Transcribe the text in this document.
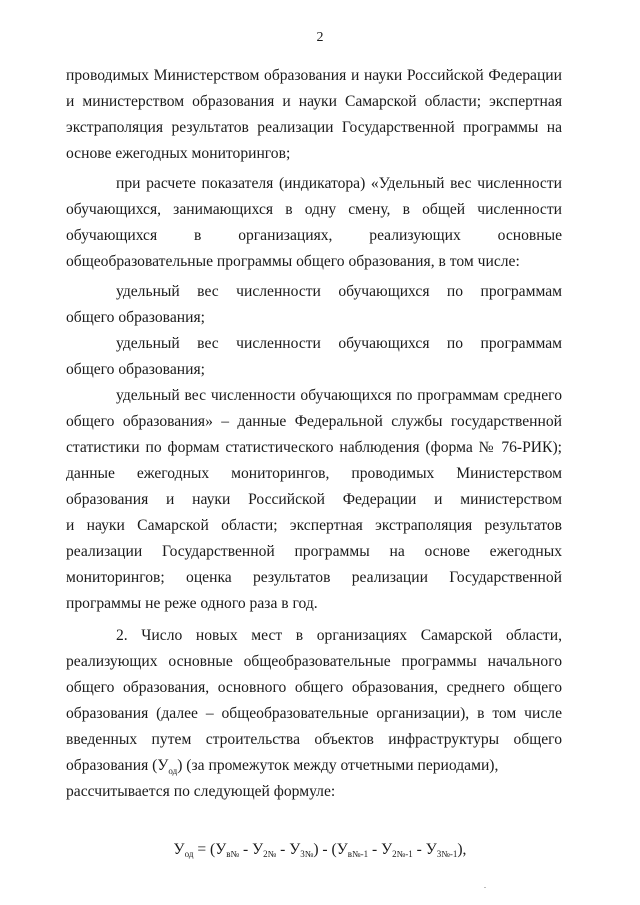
2
проводимых Министерством образования и науки Российской Федерации
и министерством образования и науки Самарской области; экспертная
экстраполяция результатов реализации Государственной программы на
основе ежегодных мониторингов;
при расчете показателя (индикатора) «Удельный вес численности
обучающихся, занимающихся в одну смену, в общей численности
обучающихся в организациях, реализующих основные
общеобразовательные программы общего образования, в том числе:
удельный вес численности обучающихся по программам
общего образования;
удельный вес численности обучающихся по программам
общего образования;
удельный вес численности обучающихся по программам среднего
общего образования» – данные Федеральной службы государственной
статистики по формам статистического наблюдения (форма № 76-РИК);
данные ежегодных мониторингов, проводимых Министерством
образования и науки Российской Федерации и министерством
и науки Самарской области; экспертная экстраполяция результатов
реализации Государственной программы на основе ежегодных
мониторингов; оценка результатов реализации Государственной
программы не реже одного раза в год.
2. Число новых мест в организациях Самарской области,
реализующих основные общеобразовательные программы начального
общего образования, основного общего образования, среднего общего
образования (далее – общеобразовательные организации), в том числе
введенных путем строительства объектов инфраструктуры общего
образования $(У_{од})$ (за промежуток между отчетными периодами),
рассчитывается по следующей формуле:
$У_{од} = (У_{в№} - У_{2№} - У_{3№}) - (У_{в№-1} - У_{2№-1} - У_{3№-1})$,
